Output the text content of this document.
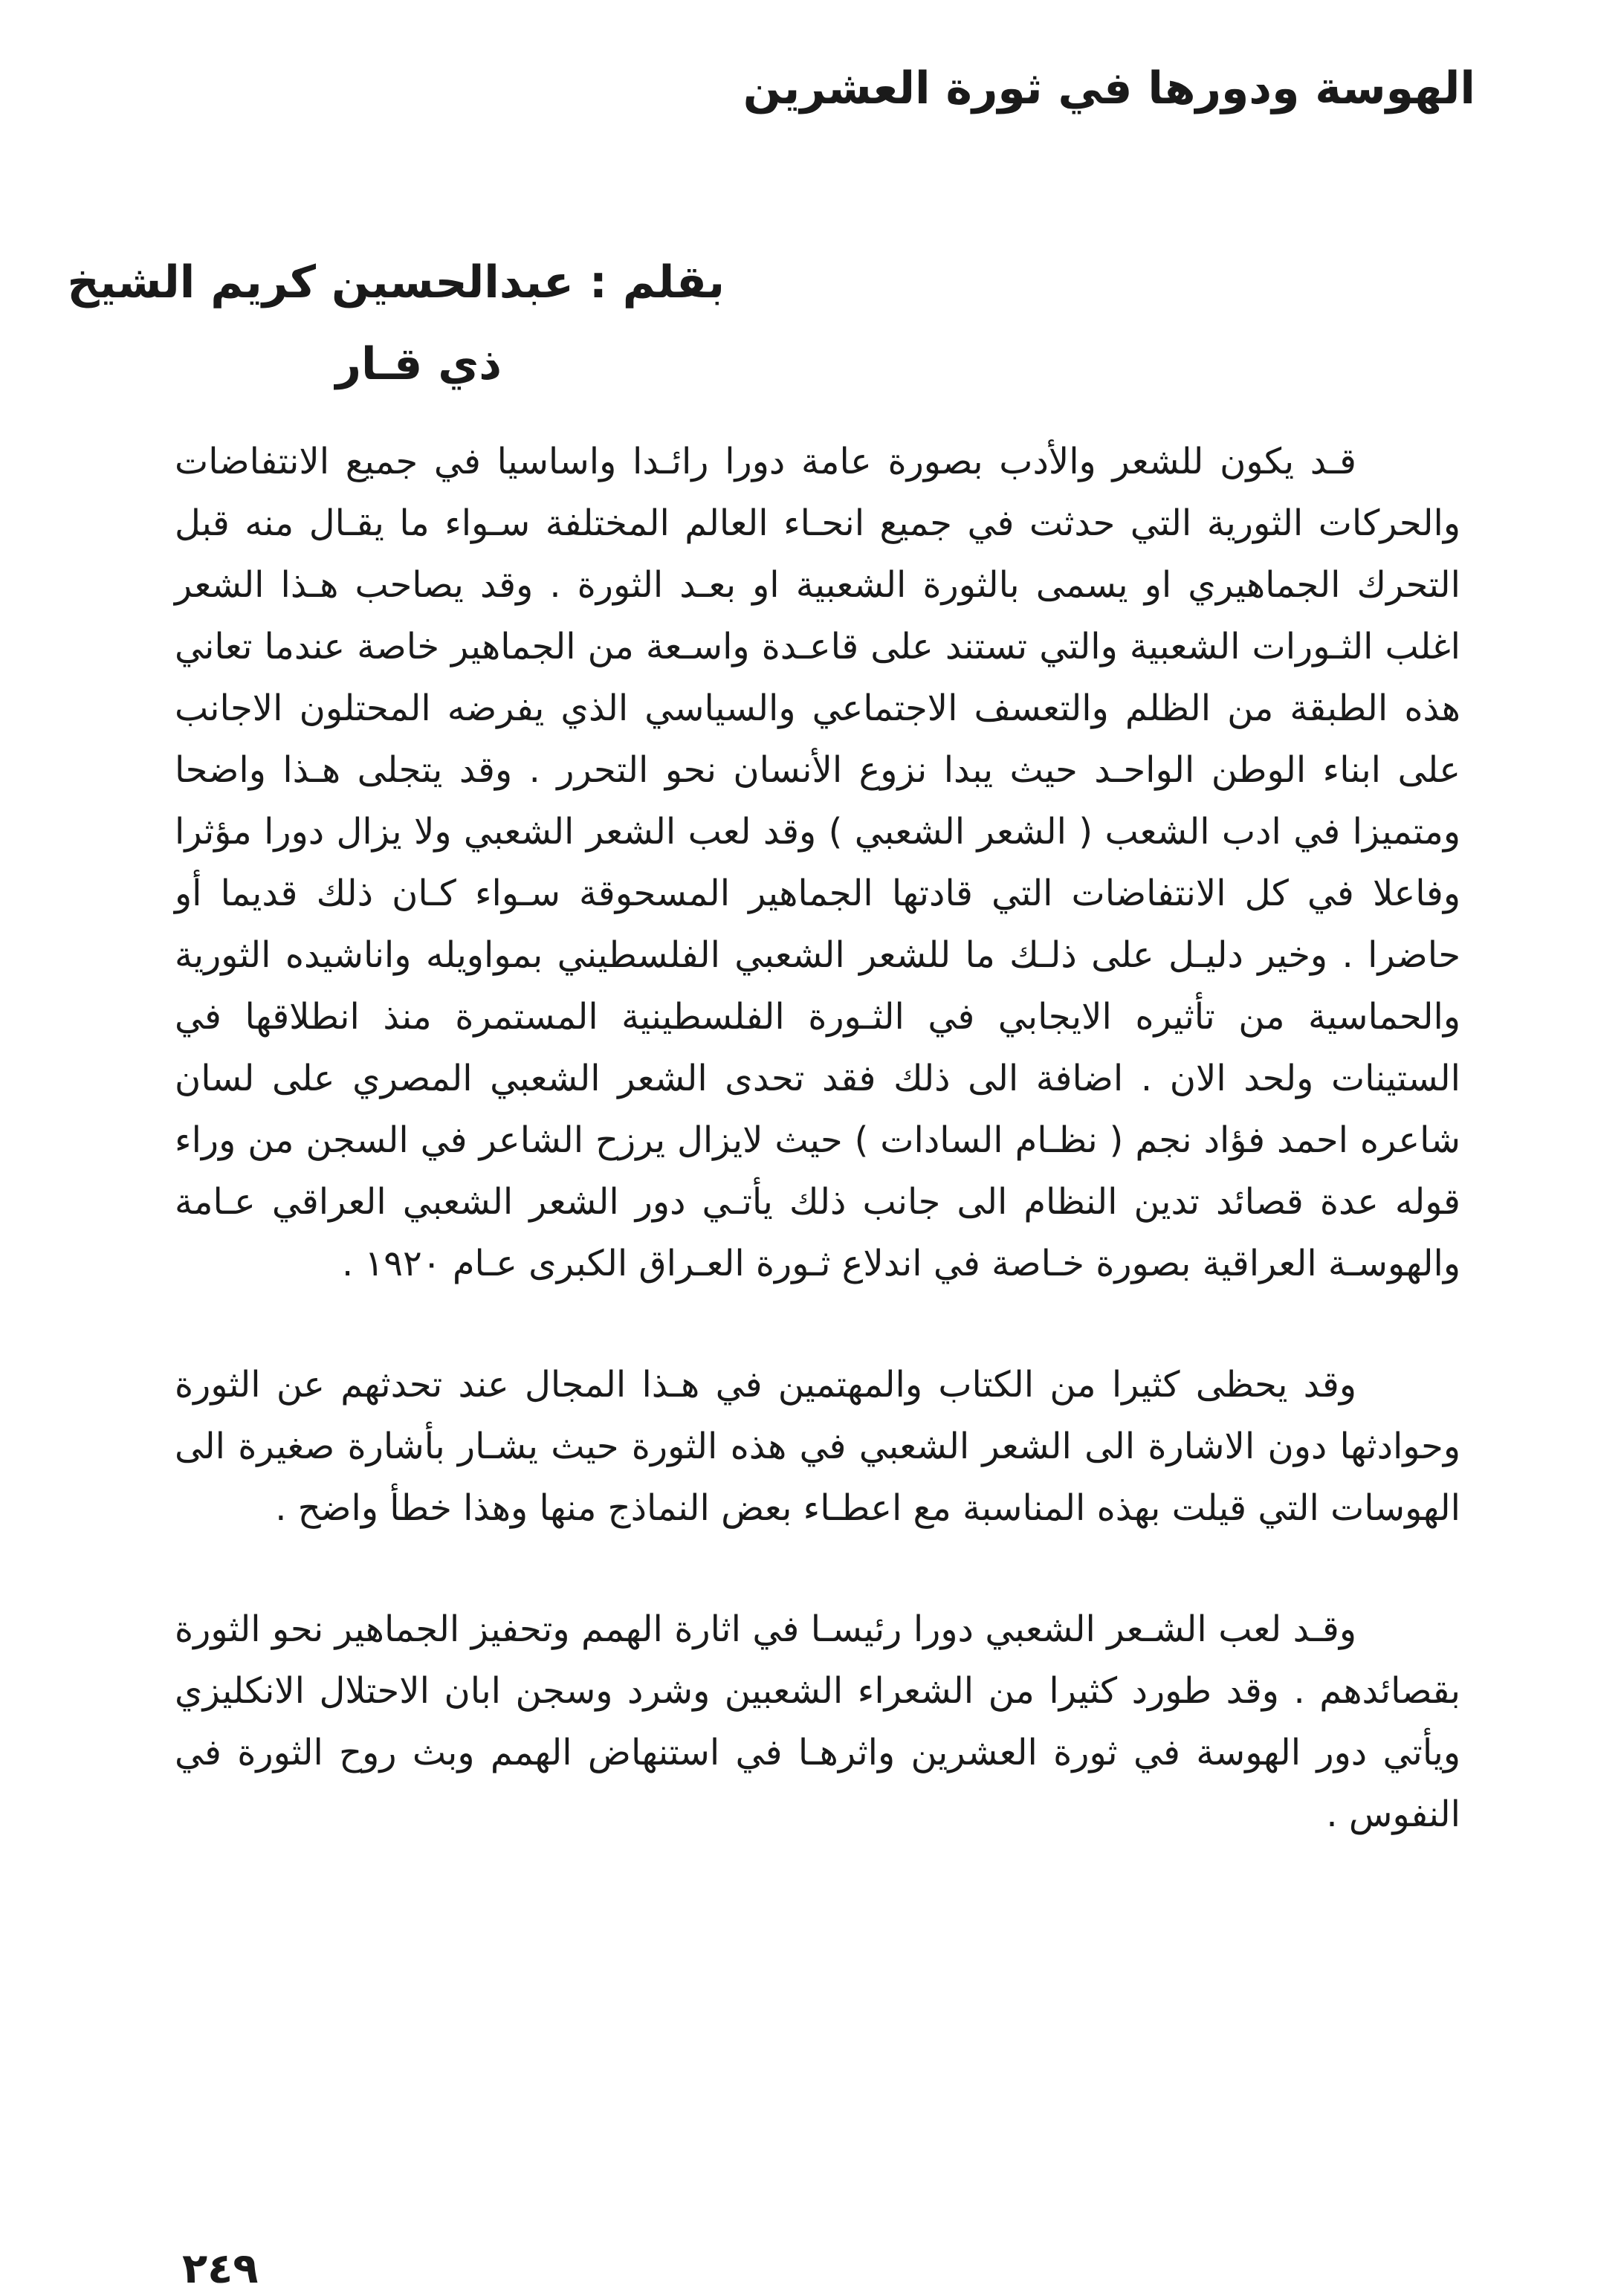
الهوسة ودورها في ثورة العشرين
بقلم : عبدالحسين كريم الشيخ
ذي قـار

قـد يكون للشعر والأدب بصورة عامة دورا رائـدا واساسيا في جميع الانتفاضات والحركات الثورية التي حدثت في جميع انحـاء العالم المختلفة سـواء ما يقـال منه قبل التحرك الجماهيري او يسمى بالثورة الشعبية او بعـد الثورة . وقد يصاحب هـذا الشعر اغلب الثـورات الشعبية والتي تستند على قاعـدة واسـعة من الجماهير خاصة عندما تعاني هذه الطبقة من الظلم والتعسف الاجتماعي والسياسي الذي يفرضه المحتلون الاجانب على ابناء الوطن الواحـد حيث يبدا نزوع الأنسان نحو التحرر . وقد يتجلى هـذا واضحا ومتميزا في ادب الشعب ( الشعر الشعبي ) وقد لعب الشعر الشعبي ولا يزال دورا مؤثرا وفاعلا في كل الانتفاضات التي قادتها الجماهير المسحوقة سـواء كـان ذلك قديما أو حاضرا . وخير دليـل على ذلـك ما للشعر الشعبي الفلسطيني بمواويله واناشيده الثورية والحماسية من تأثيره الايجابي في الثـورة الفلسطينية المستمرة منذ انطلاقها في الستينات ولحد الان . اضافة الى ذلك فقد تحدى الشعر الشعبي المصري على لسان شاعره احمد فؤاد نجم ( نظـام السادات ) حيث لايزال يرزح الشاعر في السجن من وراء قوله عدة قصائد تدين النظام الى جانب ذلك يأتـي دور الشعر الشعبي العراقي عـامة والهوسـة العراقية بصورة خـاصة في اندلاع ثـورة العـراق الكبرى عـام ١٩٢٠ .

وقد يحظى كثيرا من الكتاب والمهتمين في هـذا المجال عند تحدثهم عن الثورة وحوادثها دون الاشارة الى الشعر الشعبي في هذه الثورة حيث يشـار بأشارة صغيرة الى الهوسات التي قيلت بهذه المناسبة مع اعطـاء بعض النماذج منها وهذا خطأ واضح .

وقـد لعب الشـعر الشعبي دورا رئيسـا في اثارة الهمم وتحفيز الجماهير نحو الثورة بقصائدهم . وقد طورد كثيرا من الشعراء الشعبين وشرد وسجن ابان الاحتلال الانكليزي ويأتي دور الهوسة في ثورة العشرين واثرهـا في استنهاض الهمم وبث روح الثورة في النفوس .

٢٤٩
